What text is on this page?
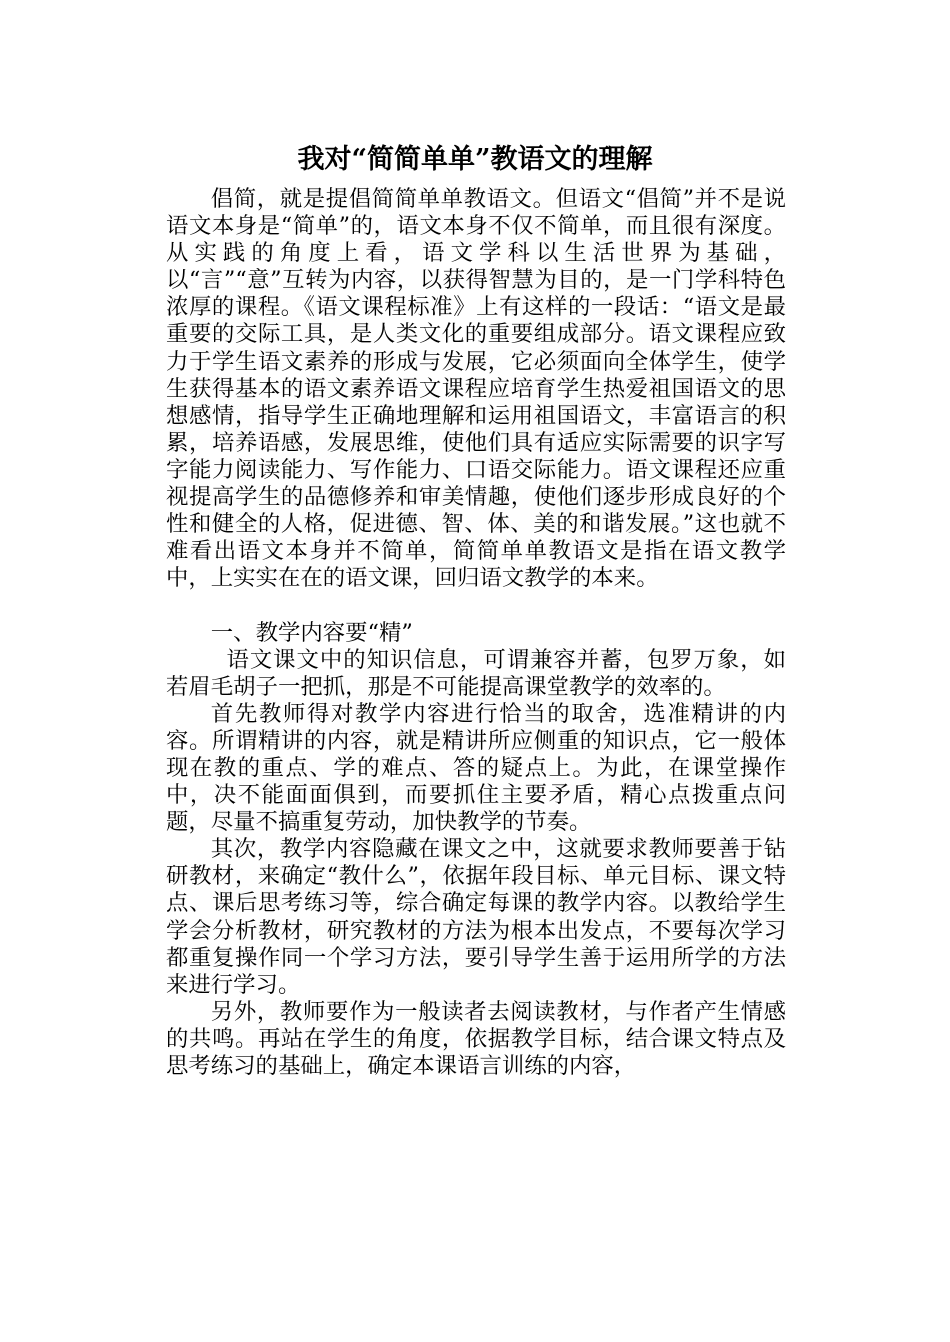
我对“简简单单”教语文的理解

倡简，就是提倡简简单单教语文。但语文“倡简”并不是说语文本身是“简单”的，语文本身不仅不简单，而且很有深度。从实践的角度上看，语文学科以生活世界为基础，以“言”“意”互转为内容，以获得智慧为目的，是一门学科特色浓厚的课程。《语文课程标准》上有这样的一段话：“语文是最重要的交际工具，是人类文化的重要组成部分。语文课程应致力于学生语文素养的形成与发展，它必须面向全体学生，使学生获得基本的语文素养语文课程应培育学生热爱祖国语文的思想感情，指导学生正确地理解和运用祖国语文，丰富语言的积累，培养语感，发展思维，使他们具有适应实际需要的识字写字能力阅读能力、写作能力、口语交际能力。语文课程还应重视提高学生的品德修养和审美情趣，使他们逐步形成良好的个性和健全的人格，促进德、智、体、美的和谐发展。”这也就不难看出语文本身并不简单，简简单单教语文是指在语文教学中，上实实在在的语文课，回归语文教学的本来。

一、教学内容要“精”

语文课文中的知识信息，可谓兼容并蓄，包罗万象，如若眉毛胡子一把抓，那是不可能提高课堂教学的效率的。

首先教师得对教学内容进行恰当的取舍，选准精讲的内容。所谓精讲的内容，就是精讲所应侧重的知识点，它一般体现在教的重点、学的难点、答的疑点上。为此，在课堂操作中，决不能面面俱到，而要抓住主要矛盾，精心点拨重点问题，尽量不搞重复劳动，加快教学的节奏。

其次，教学内容隐藏在课文之中，这就要求教师要善于钻研教材，来确定“教什么”，依据年段目标、单元目标、课文特点、课后思考练习等，综合确定每课的教学内容。以教给学生学会分析教材，研究教材的方法为根本出发点，不要每次学习都重复操作同一个学习方法，要引导学生善于运用所学的方法来进行学习。

另外，教师要作为一般读者去阅读教材，与作者产生情感的共鸣。再站在学生的角度，依据教学目标，结合课文特点及思考练习的基础上，确定本课语言训练的内容，
